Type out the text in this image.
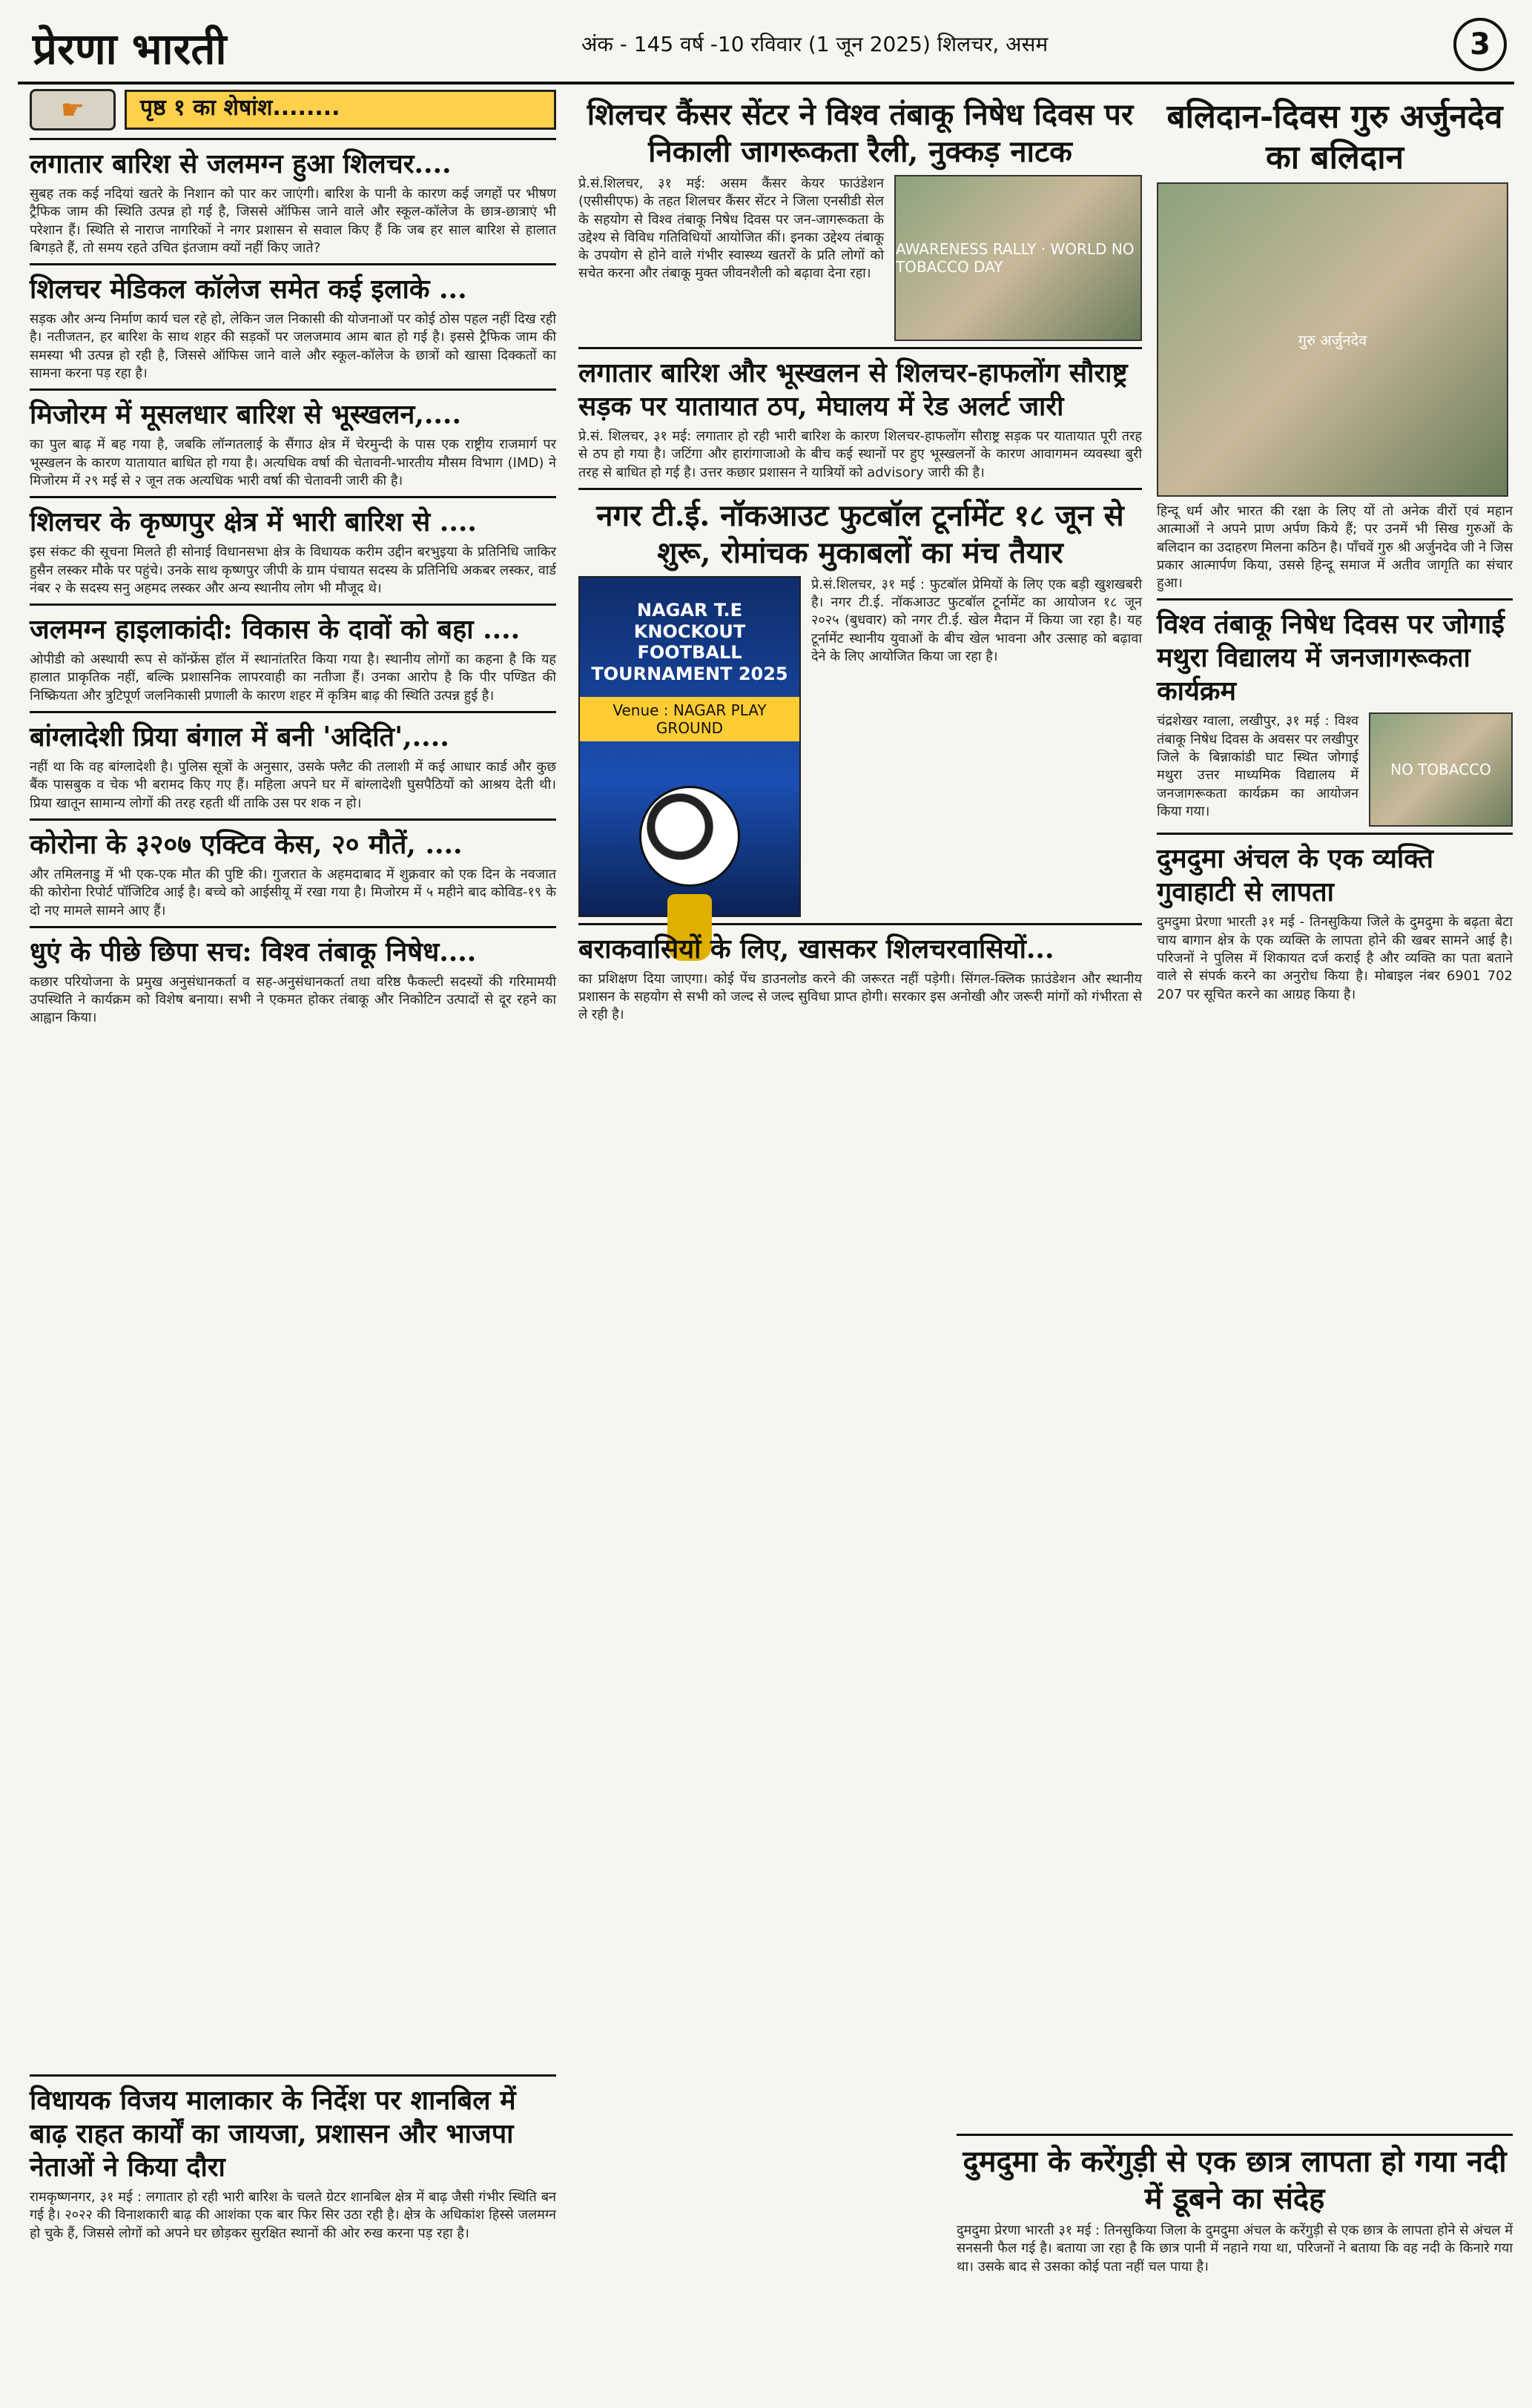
प्रेरणा भारती	अंक - 145 वर्ष -10 रविवार (1 जून 2025) शिलचर, असम	3
☛	पृष्ठ १ का शेषांश........
लगातार बारिश से जलमग्न हुआ शिलचर....
सुबह तक कई नदियां खतरे के निशान को पार कर जाएंगी। बारिश के पानी के कारण कई जगहों पर भीषण ट्रैफिक जाम की स्थिति उत्पन्न हो गई है, जिससे ऑफिस जाने वाले और स्कूल-कॉलेज के छात्र-छात्राएं भी परेशान हैं। स्थिति से नाराज नागरिकों ने नगर प्रशासन से सवाल किए हैं कि जब हर साल बारिश से हालात बिगड़ते हैं, तो समय रहते उचित इंतजाम क्यों नहीं किए जाते?
शिलचर मेडिकल कॉलेज समेत कई इलाके ...
सड़क और अन्य निर्माण कार्य चल रहे हो, लेकिन जल निकासी की योजनाओं पर कोई ठोस पहल नहीं दिख रही है। नतीजतन, हर बारिश के साथ शहर की सड़कों पर जलजमाव आम बात हो गई है। इससे ट्रैफिक जाम की समस्या भी उत्पन्न हो रही है, जिससे ऑफिस जाने वाले और स्कूल-कॉलेज के छात्रों को खासा दिक्कतों का सामना करना पड़ रहा है।
मिजोरम में मूसलधार बारिश से भूस्खलन,....
का पुल बाढ़ में बह गया है, जबकि लॉन्गतलाई के सैंगाउ क्षेत्र में चेरमुन्दी के पास एक राष्ट्रीय राजमार्ग पर भूस्खलन के कारण यातायात बाधित हो गया है। अत्यधिक वर्षा की चेतावनी-भारतीय मौसम विभाग (IMD) ने मिजोरम में २९ मई से २ जून तक अत्यधिक भारी वर्षा की चेतावनी जारी की है।
शिलचर के कृष्णपुर क्षेत्र में भारी बारिश से ....
इस संकट की सूचना मिलते ही सोनाई विधानसभा क्षेत्र के विधायक करीम उद्दीन बरभुइया के प्रतिनिधि जाकिर हुसैन लस्कर मौके पर पहुंचे। उनके साथ कृष्णपुर जीपी के ग्राम पंचायत सदस्य के प्रतिनिधि अकबर लस्कर, वार्ड नंबर २ के सदस्य सनु अहमद लस्कर और अन्य स्थानीय लोग भी मौजूद थे।
जलमग्न हाइलाकांदी: विकास के दावों को बहा ....
ओपीडी को अस्थायी रूप से कॉन्फ्रेंस हॉल में स्थानांतरित किया गया है। स्थानीय लोगों का कहना है कि यह हालात प्राकृतिक नहीं, बल्कि प्रशासनिक लापरवाही का नतीजा हैं। उनका आरोप है कि पीर पण्डित की निष्क्रियता और त्रुटिपूर्ण जलनिकासी प्रणाली के कारण शहर में कृत्रिम बाढ़ की स्थिति उत्पन्न हुई है।
बांग्लादेशी प्रिया बंगाल में बनी 'अदिति',....
नहीं था कि वह बांग्लादेशी है। पुलिस सूत्रों के अनुसार, उसके फ्लैट की तलाशी में कई आधार कार्ड और कुछ बैंक पासबुक व चेक भी बरामद किए गए हैं। महिला अपने घर में बांग्लादेशी घुसपैठियों को आश्रय देती थी। प्रिया खातून सामान्य लोगों की तरह रहती थीं ताकि उस पर शक न हो।
कोरोना के ३२०७ एक्टिव केस, २० मौतें, ....
और तमिलनाडु में भी एक-एक मौत की पुष्टि की। गुजरात के अहमदाबाद में शुक्रवार को एक दिन के नवजात की कोरोना रिपोर्ट पॉजिटिव आई है। बच्चे को आईसीयू में रखा गया है। मिजोरम में ५ महीने बाद कोविड-१९ के दो नए मामले सामने आए हैं।
धुएं के पीछे छिपा सच: विश्व तंबाकू निषेध....
कछार परियोजना के प्रमुख अनुसंधानकर्ता व सह-अनुसंधानकर्ता तथा वरिष्ठ फैकल्टी सदस्यों की गरिमामयी उपस्थिति ने कार्यक्रम को विशेष बनाया। सभी ने एकमत होकर तंबाकू और निकोटिन उत्पादों से दूर रहने का आह्वान किया।
शिलचर कैंसर सेंटर ने विश्व तंबाकू निषेध दिवस पर निकाली जागरूकता रैली, नुक्कड़ नाटक
प्रे.सं.शिलचर, ३१ मई: असम कैंसर केयर फाउंडेशन (एसीसीएफ) के तहत शिलचर कैंसर सेंटर ने जिला एनसीडी सेल के सहयोग से विश्व तंबाकू निषेध दिवस पर जन-जागरूकता के उद्देश्य से विविध गतिविधियों आयोजित कीं। इनका उद्देश्य तंबाकू के उपयोग से होने वाले गंभीर स्वास्थ्य खतरों के प्रति लोगों को सचेत करना और तंबाकू मुक्त जीवनशैली को बढ़ावा देना रहा।
AWARENESS RALLY · WORLD NO TOBACCO DAY
लगातार बारिश और भूस्खलन से शिलचर-हाफलोंग सौराष्ट्र सड़क पर यातायात ठप, मेघालय में रेड अलर्ट जारी
प्रे.सं. शिलचर, ३१ मई: लगातार हो रही भारी बारिश के कारण शिलचर-हाफलोंग सौराष्ट्र सड़क पर यातायात पूरी तरह से ठप हो गया है। जटिंगा और हारांगाजाओ के बीच कई स्थानों पर हुए भूस्खलनों के कारण आवागमन व्यवस्था बुरी तरह से बाधित हो गई है। उत्तर कछार प्रशासन ने यात्रियों को advisory जारी की है।
नगर टी.ई. नॉकआउट फुटबॉल टूर्नामेंट १८ जून से शुरू, रोमांचक मुकाबलों का मंच तैयार
NAGAR T.E KNOCKOUT FOOTBALL TOURNAMENT 2025
Venue : NAGAR PLAY GROUND
प्रे.सं.शिलचर, ३१ मई : फुटबॉल प्रेमियों के लिए एक बड़ी खुशखबरी है। नगर टी.ई. नॉकआउट फुटबॉल टूर्नामेंट का आयोजन १८ जून २०२५ (बुधवार) को नगर टी.ई. खेल मैदान में किया जा रहा है। यह टूर्नामेंट स्थानीय युवाओं के बीच खेल भावना और उत्साह को बढ़ावा देने के लिए आयोजित किया जा रहा है।
बराकवासियों के लिए, खासकर शिलचरवासियों...
का प्रशिक्षण दिया जाएगा। कोई पेंच डाउनलोड करने की जरूरत नहीं पड़ेगी। सिंगल-क्लिक फ़ाउंडेशन और स्थानीय प्रशासन के सहयोग से सभी को जल्द से जल्द सुविधा प्राप्त होगी। सरकार इस अनोखी और जरूरी मांगों को गंभीरता से ले रही है।
बलिदान-दिवस गुरु अर्जुनदेव का बलिदान
गुरु अर्जुनदेव
हिन्दू धर्म और भारत की रक्षा के लिए यों तो अनेक वीरों एवं महान आत्माओं ने अपने प्राण अर्पण किये हैं; पर उनमें भी सिख गुरुओं के बलिदान का उदाहरण मिलना कठिन है। पाँचवें गुरु श्री अर्जुनदेव जी ने जिस प्रकार आत्मार्पण किया, उससे हिन्दू समाज में अतीव जागृति का संचार हुआ।
विश्व तंबाकू निषेध दिवस पर जोगाई मथुरा विद्यालय में जनजागरूकता कार्यक्रम
चंद्रशेखर ग्वाला, लखीपुर, ३१ मई : विश्व तंबाकू निषेध दिवस के अवसर पर लखीपुर जिले के बिन्नाकांडी घाट स्थित जोगाई मथुरा उत्तर माध्यमिक विद्यालय में जनजागरूकता कार्यक्रम का आयोजन किया गया।
NO TOBACCO
दुमदुमा अंचल के एक व्यक्ति गुवाहाटी से लापता
दुमदुमा प्रेरणा भारती ३१ मई - तिनसुकिया जिले के दुमदुमा के बढ़ता बेटा चाय बागान क्षेत्र के एक व्यक्ति के लापता होने की खबर सामने आई है। परिजनों ने पुलिस में शिकायत दर्ज कराई है और व्यक्ति का पता बताने वाले से संपर्क करने का अनुरोध किया है। मोबाइल नंबर 6901 702 207 पर सूचित करने का आग्रह किया है।
विधायक विजय मालाकार के निर्देश पर शानबिल में बाढ़ राहत कार्यों का जायजा, प्रशासन और भाजपा नेताओं ने किया दौरा
रामकृष्णनगर, ३१ मई : लगातार हो रही भारी बारिश के चलते ग्रेटर शानबिल क्षेत्र में बाढ़ जैसी गंभीर स्थिति बन गई है। २०२२ की विनाशकारी बाढ़ की आशंका एक बार फिर सिर उठा रही है। क्षेत्र के अधिकांश हिस्से जलमग्न हो चुके हैं, जिससे लोगों को अपने घर छोड़कर सुरक्षित स्थानों की ओर रुख करना पड़ रहा है।
दुमदुमा के करेंगुड़ी से एक छात्र लापता हो गया नदी में डूबने का संदेह
दुमदुमा प्रेरणा भारती ३१ मई : तिनसुकिया जिला के दुमदुमा अंचल के करेंगुड़ी से एक छात्र के लापता होने से अंचल में सनसनी फैल गई है। बताया जा रहा है कि छात्र पानी में नहाने गया था, परिजनों ने बताया कि वह नदी के किनारे गया था। उसके बाद से उसका कोई पता नहीं चल पाया है।
